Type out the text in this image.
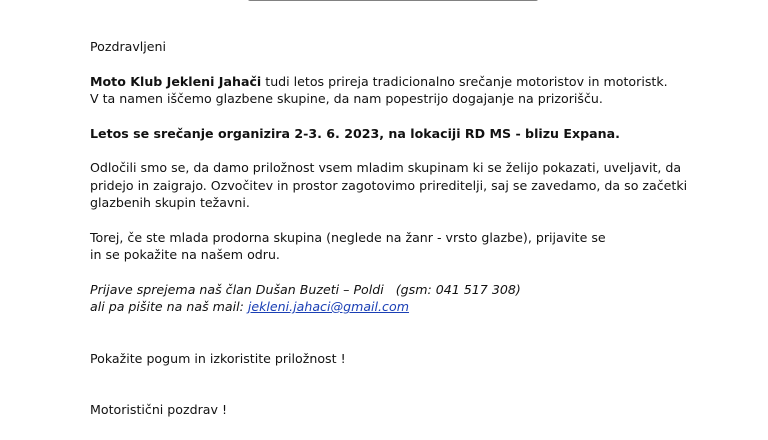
Pozdravljeni

Moto Klub Jekleni Jahači tudi letos prireja tradicionalno srečanje motoristov in motoristk.

V ta namen iščemo glazbene skupine, da nam popestrijo dogajanje na prizorišču.

Letos se srečanje organizira 2-3. 6. 2023, na lokaciji RD MS - blizu Expana.

Odločili smo se, da damo priložnost vsem mladim skupinam ki se želijo pokazati, uveljavit, da

pridejo in zaigrajo. Ozvočitev in prostor zagotovimo prireditelji, saj se zavedamo, da so začetki

glazbenih skupin težavni.

Torej, če ste mlada prodorna skupina (neglede na žanr - vrsto glazbe), prijavite se

in se pokažite na našem odru.

Prijave sprejema naš član Dušan Buzeti – Poldi   (gsm: 041 517 308)

ali pa pišite na naš mail: jekleni.jahaci@gmail.com

Pokažite pogum in izkoristite priložnost !

Motoristični pozdrav !
